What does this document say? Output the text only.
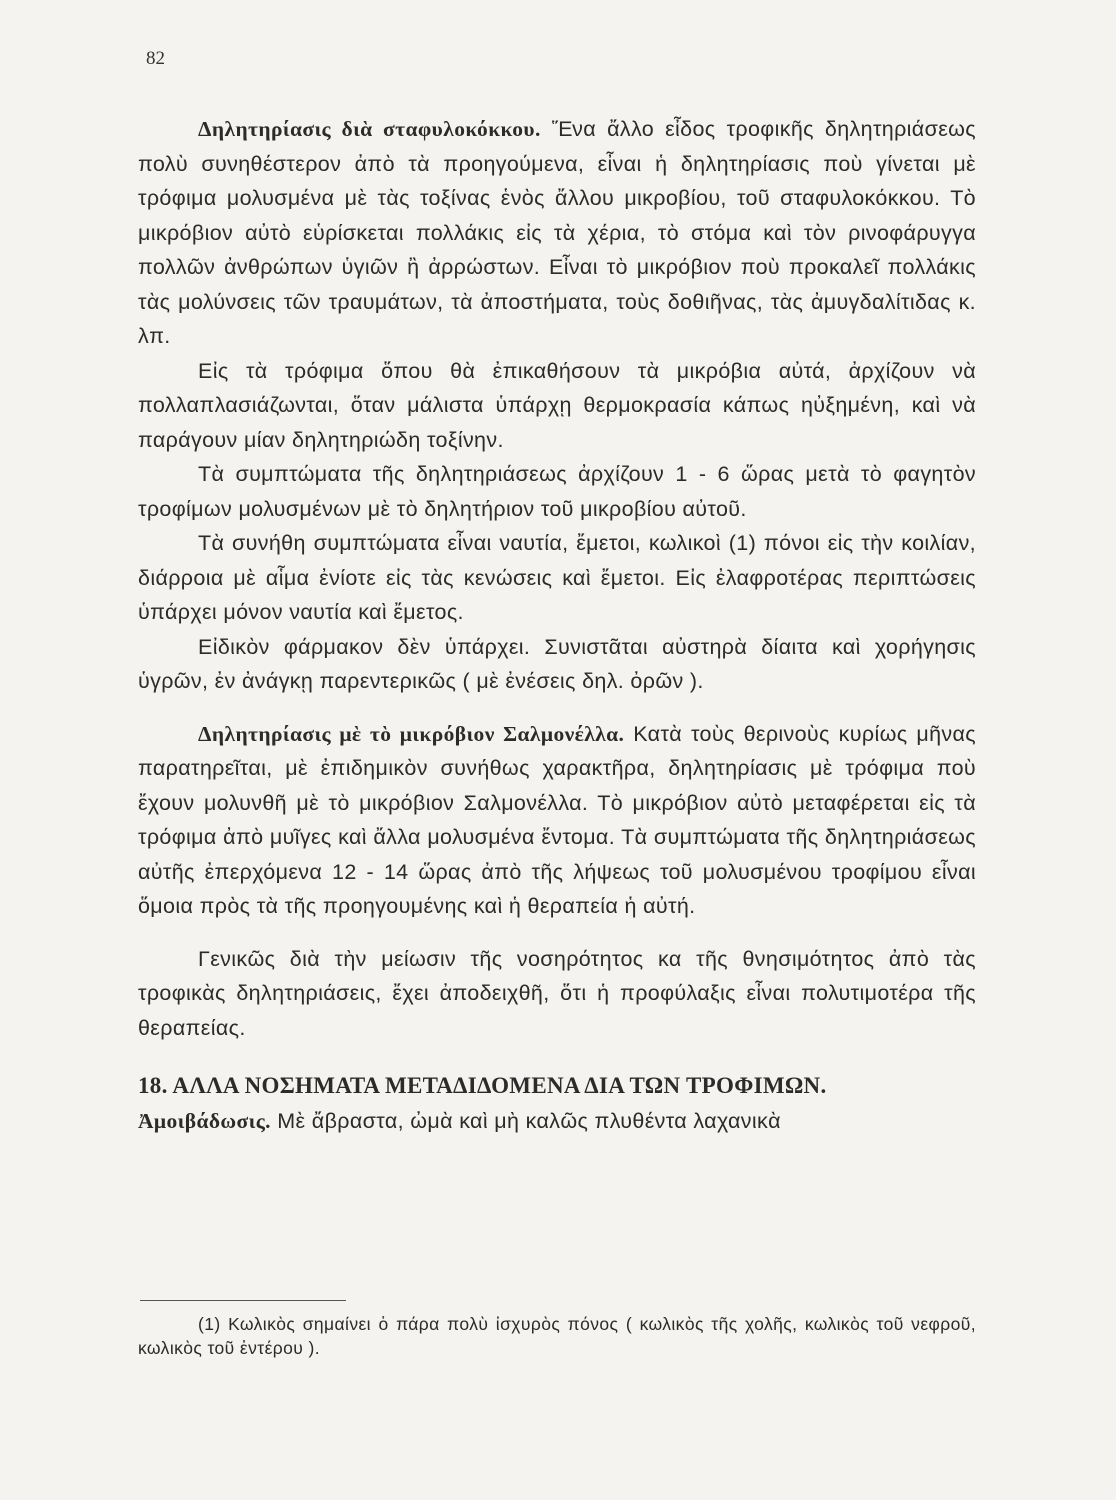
82

Δηλητηρίασις διὰ σταφυλοκόκκου. Ἕνα ἄλλο εἶδος τροφικῆς δηλητηριάσεως πολὺ συνηθέστερον ἀπὸ τὰ προηγούμενα, εἶναι ἡ δηλητηρίασις ποὺ γίνεται μὲ τρόφιμα μολυσμένα μὲ τὰς τοξίνας ἑνὸς ἄλλου μικροβίου, τοῦ σταφυλοκόκκου. Τὸ μικρόβιον αὐτὸ εὑρίσκεται πολλάκις εἰς τὰ χέρια, τὸ στόμα καὶ τὸν ρινοφάρυγγα πολλῶν ἀνθρώπων ὑγιῶν ἢ ἀρρώστων. Εἶναι τὸ μικρόβιον ποὺ προκαλεῖ πολλάκις τὰς μολύνσεις τῶν τραυμάτων, τὰ ἀποστήματα, τοὺς δοθιῆνας, τὰς ἀμυγδαλίτιδας κ. λπ.

Εἰς τὰ τρόφιμα ὅπου θὰ ἐπικαθήσουν τὰ μικρόβια αὐτά, ἀρχίζουν νὰ πολλαπλασιάζωνται, ὅταν μάλιστα ὑπάρχῃ θερμοκρασία κάπως ηὐξημένη, καὶ νὰ παράγουν μίαν δηλητηριώδη τοξίνην.

Τὰ συμπτώματα τῆς δηλητηριάσεως ἀρχίζουν 1 - 6 ὥρας μετὰ τὸ φαγητὸν τροφίμων μολυσμένων μὲ τὸ δηλητήριον τοῦ μικροβίου αὐτοῦ.

Τὰ συνήθη συμπτώματα εἶναι ναυτία, ἔμετοι, κωλικοὶ (1) πόνοι εἰς τὴν κοιλίαν, διάρροια μὲ αἷμα ἐνίοτε εἰς τὰς κενώσεις καὶ ἔμετοι. Εἰς ἐλαφροτέρας περιπτώσεις ὑπάρχει μόνον ναυτία καὶ ἔμετος.

Εἰδικὸν φάρμακον δὲν ὑπάρχει. Συνιστᾶται αὐστηρὰ δίαιτα καὶ χορήγησις ὑγρῶν, ἐν ἀνάγκῃ παρεντερικῶς ( μὲ ἐνέσεις δηλ. ὀρῶν ).

Δηλητηρίασις μὲ τὸ μικρόβιον Σαλμονέλλα. Κατὰ τοὺς θερινοὺς κυρίως μῆνας παρατηρεῖται, μὲ ἐπιδημικὸν συνήθως χαρακτῆρα, δηλητηρίασις μὲ τρόφιμα ποὺ ἔχουν μολυνθῆ μὲ τὸ μικρόβιον Σαλμονέλλα. Τὸ μικρόβιον αὐτὸ μεταφέρεται εἰς τὰ τρόφιμα ἀπὸ μυῖγες καὶ ἄλλα μολυσμένα ἔντομα. Τὰ συμπτώματα τῆς δηλητηριάσεως αὐτῆς ἐπερχόμενα 12 - 14 ὥρας ἀπὸ τῆς λήψεως τοῦ μολυσμένου τροφίμου εἶναι ὅμοια πρὸς τὰ τῆς προηγουμένης καὶ ἡ θεραπεία ἡ αὐτή.

Γενικῶς διὰ τὴν μείωσιν τῆς νοσηρότητος κα τῆς θνησιμότητος ἀπὸ τὰς τροφικὰς δηλητηριάσεις, ἔχει ἀποδειχθῆ, ὅτι ἡ προφύλαξις εἶναι πολυτιμοτέρα τῆς θεραπείας.

18. ΑΛΛΑ ΝΟΣΗΜΑΤΑ ΜΕΤΑΔΙΔΟΜΕΝΑ ΔΙΑ ΤΩΝ ΤΡΟΦΙΜΩΝ.

Ἀμοιβάδωσις. Μὲ ἄβραστα, ὠμὰ καὶ μὴ καλῶς πλυθέντα λαχανικὰ

(1) Κωλικὸς σημαίνει ὁ πάρα πολὺ ἰσχυρὸς πόνος ( κωλικὸς τῆς χολῆς, κωλικὸς τοῦ νεφροῦ, κωλικὸς τοῦ ἐντέρου ).
